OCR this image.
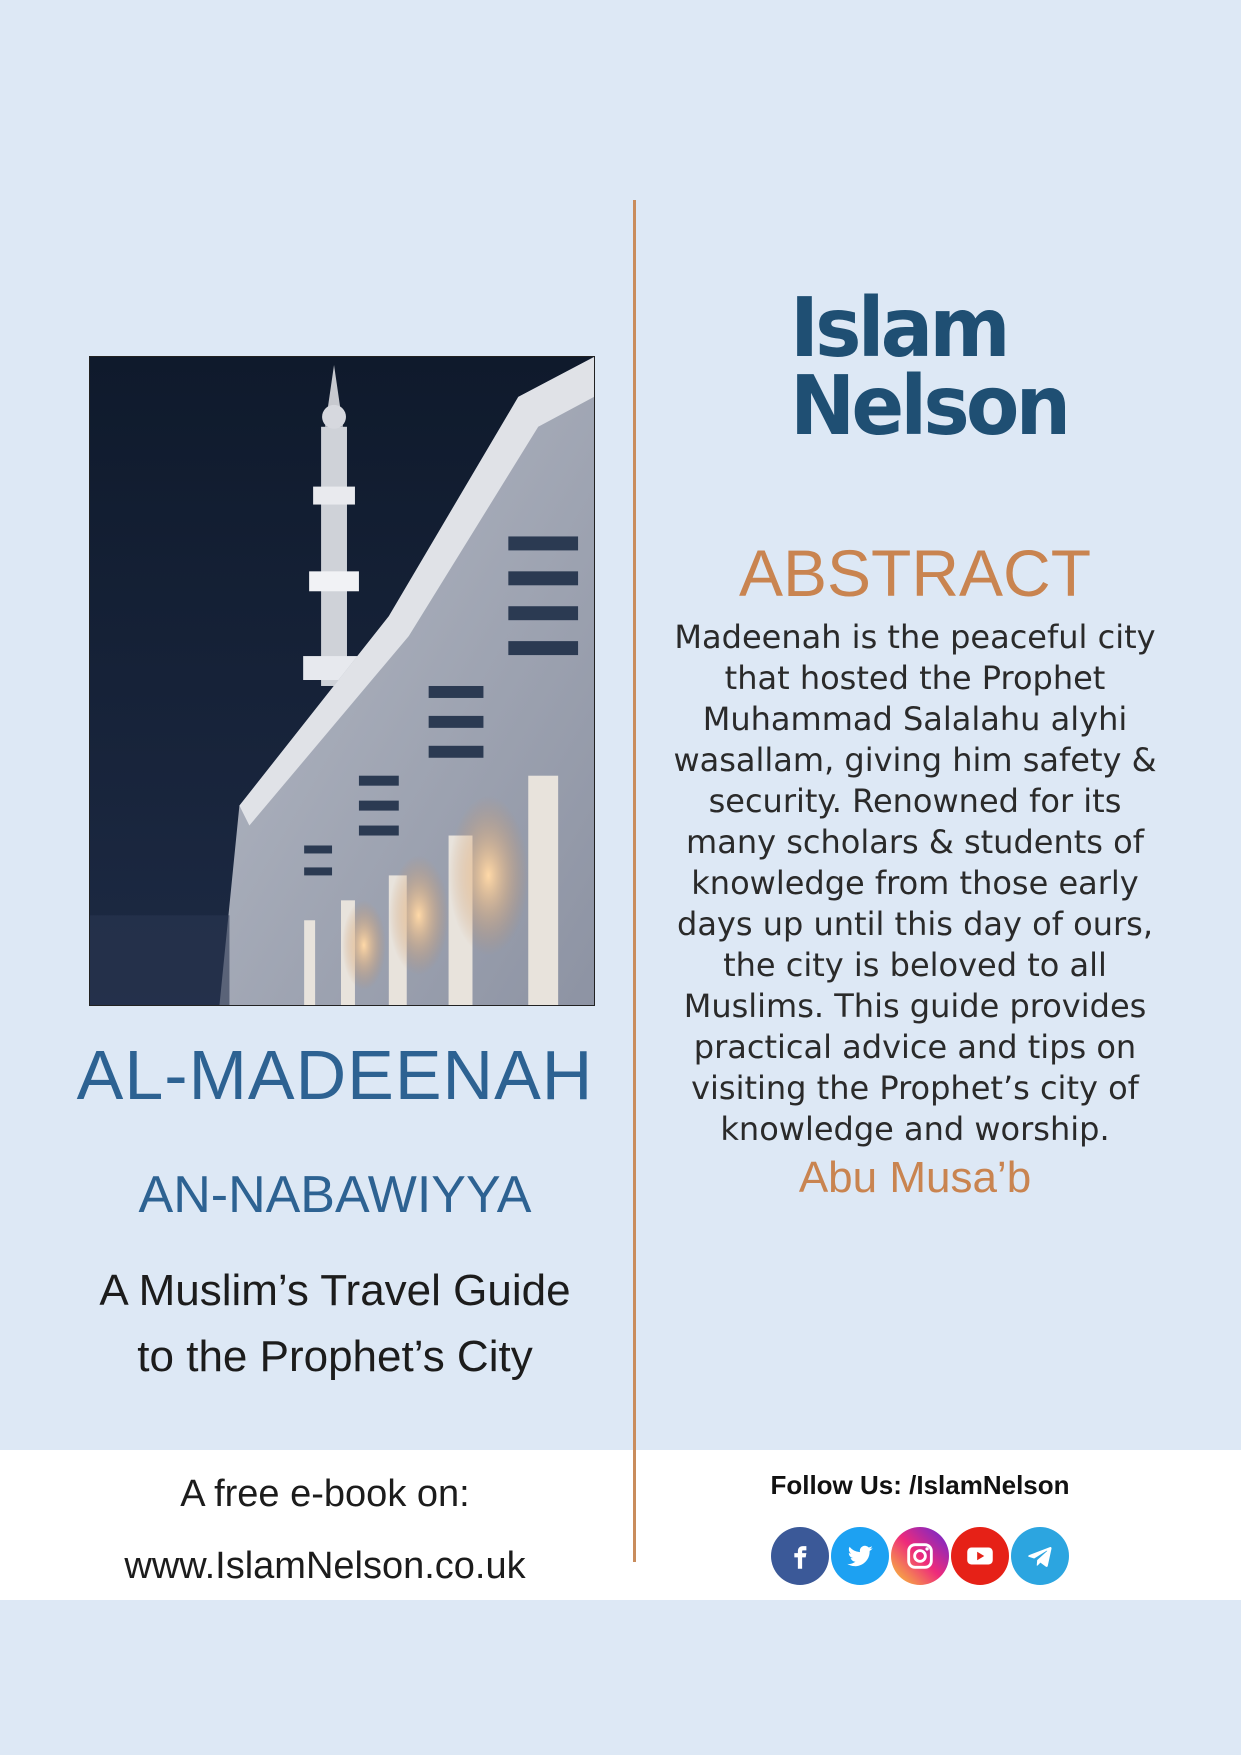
AL-MADEENAH
AN-NABAWIYYA
A Muslim’s Travel Guide
to the Prophet’s City
A free e-book on:
www.IslamNelson.co.uk
Islam
Nelson
ABSTRACT
Madeenah is the peaceful city that hosted the Prophet Muhammad Salalahu alyhi wasallam, giving him safety & security. Renowned for its many scholars & students of knowledge from those early days up until this day of ours, the city is beloved to all Muslims. This guide provides practical advice and tips on visiting the Prophet’s city of knowledge and worship.
Abu Musa’b
Follow Us: /IslamNelson
